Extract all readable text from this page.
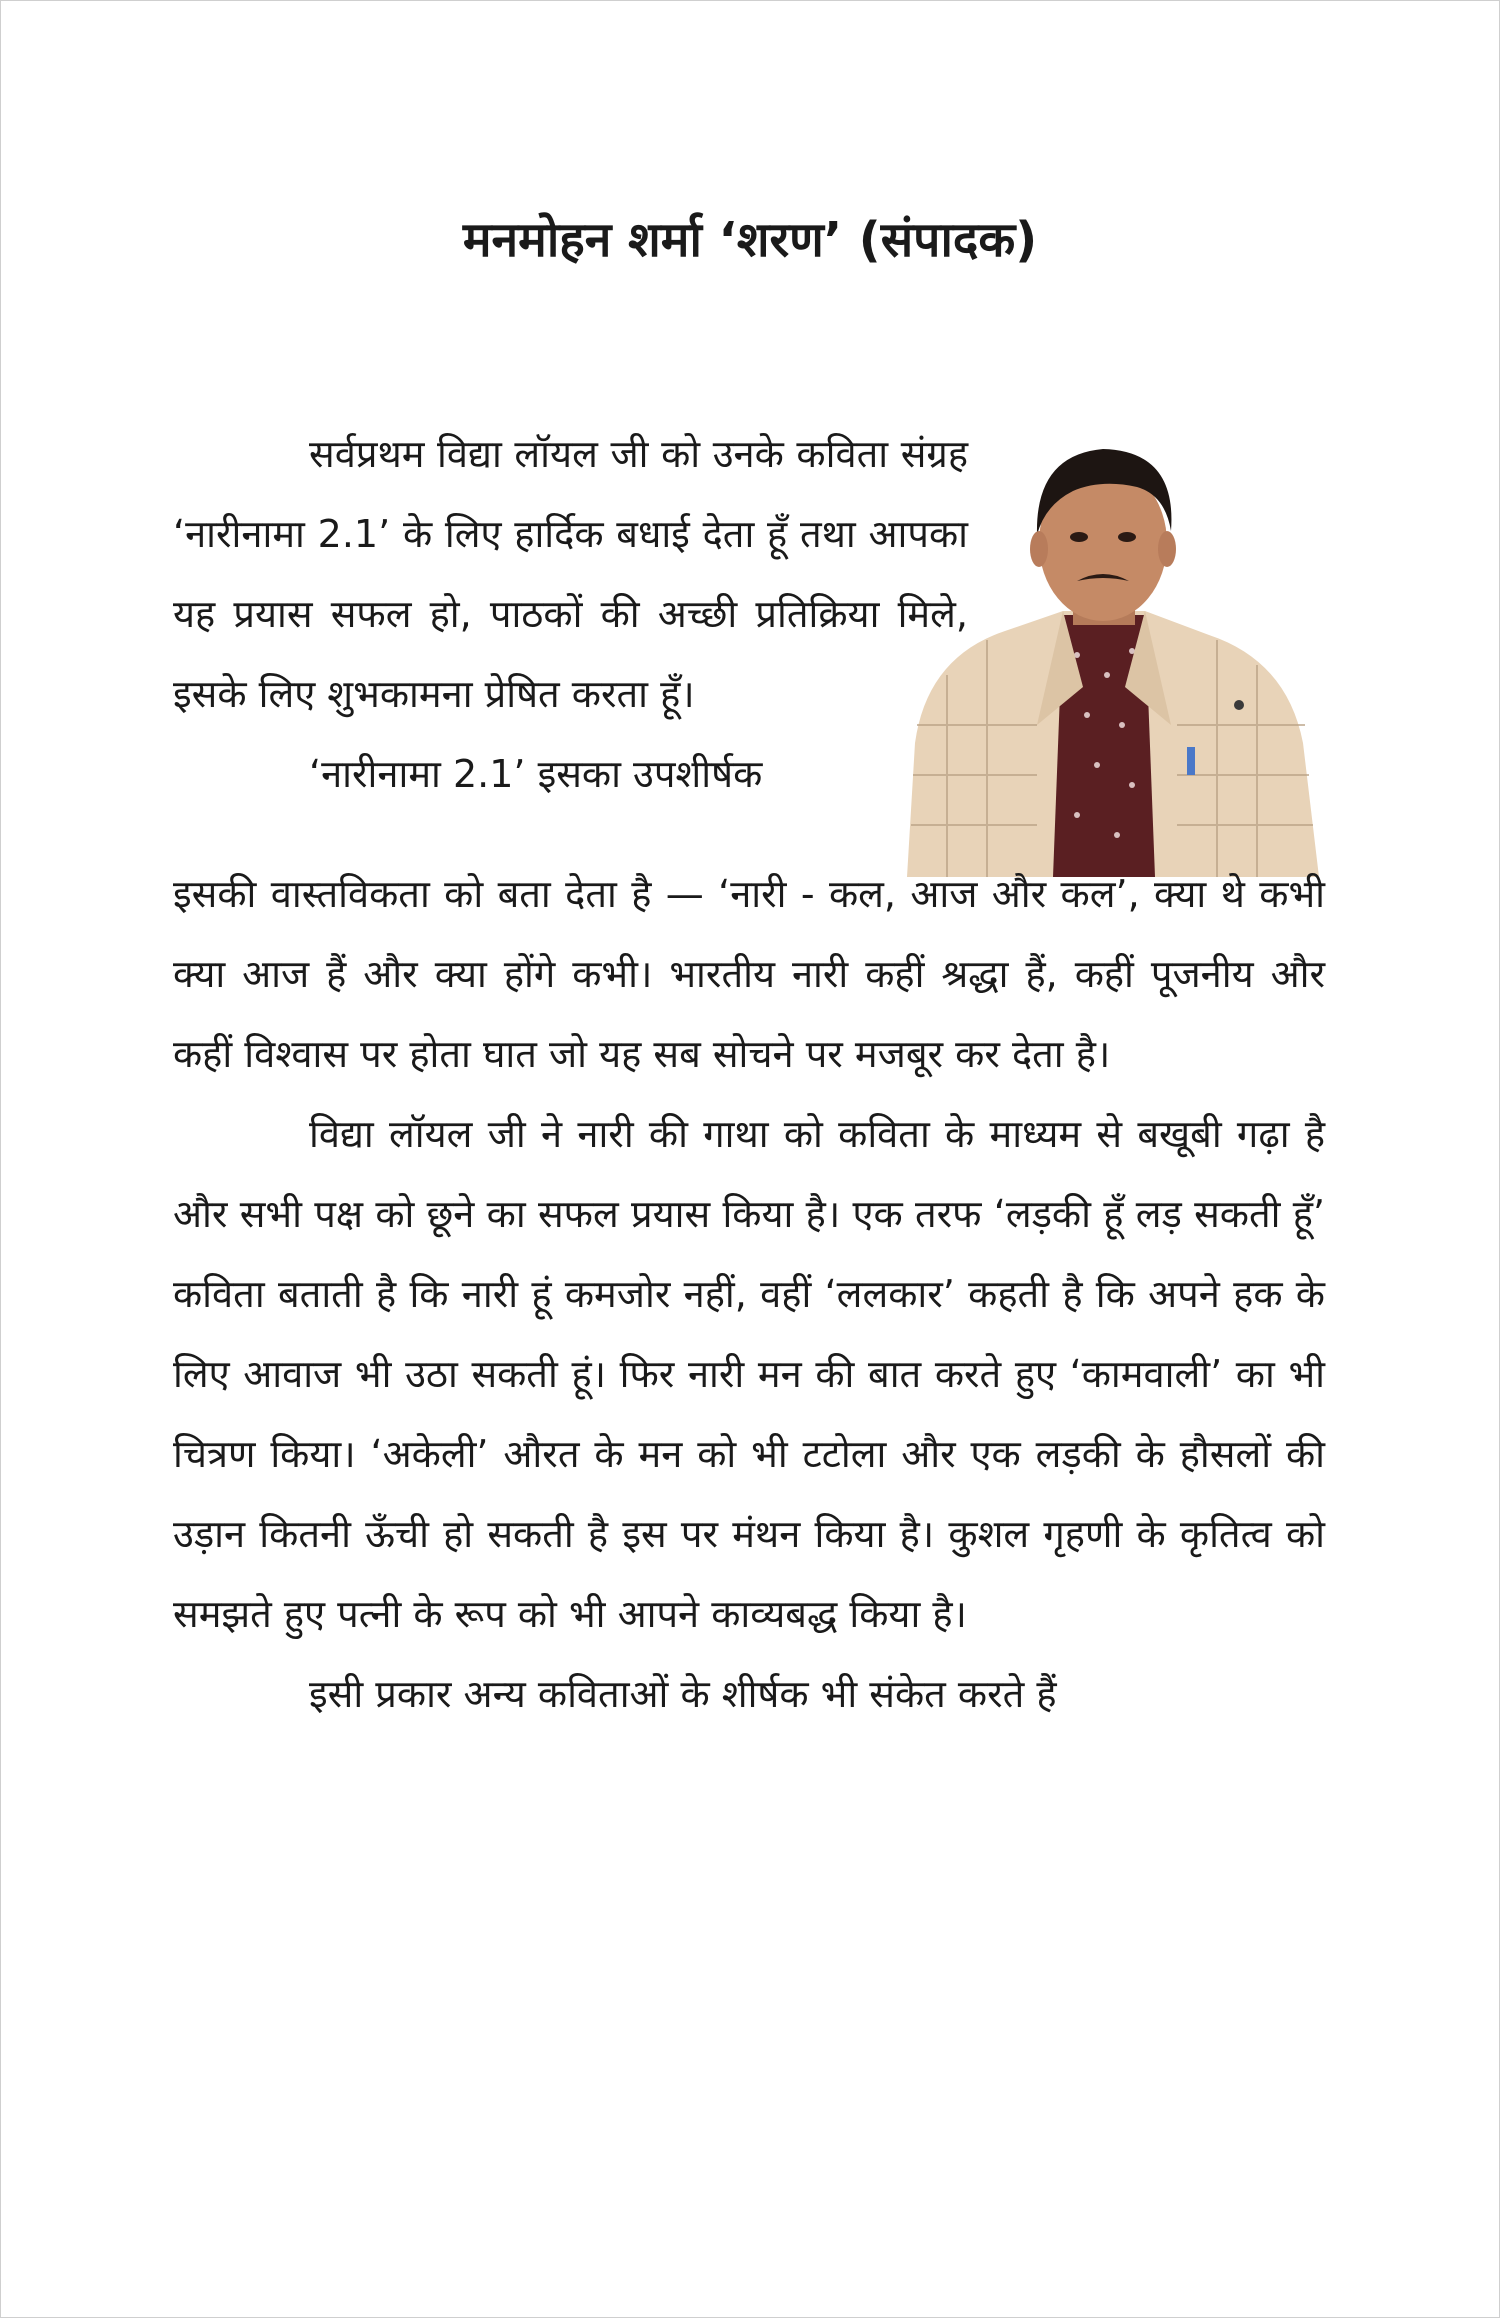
मनमोहन शर्मा ‘शरण’ (संपादक)

सर्वप्रथम विद्या लॉयल जी को उनके कविता संग्रह ‘नारीनामा 2.1’ के लिए हार्दिक बधाई देता हूँ तथा आपका यह प्रयास सफल हो, पाठकों की अच्छी प्रतिक्रिया मिले, इसके लिए शुभकामना प्रेषित करता हूँ।

‘नारीनामा 2.1’ इसका उपशीर्षक

इसकी वास्तविकता को बता देता है — ‘नारी - कल, आज और कल’, क्या थे कभी क्या आज हैं और क्या होंगे कभी। भारतीय नारी कहीं श्रद्धा हैं, कहीं पूजनीय और कहीं विश्वास पर होता घात जो यह सब सोचने पर मजबूर कर देता है।

विद्या लॉयल जी ने नारी की गाथा को कविता के माध्यम से बखूबी गढ़ा है और सभी पक्ष को छूने का सफल प्रयास किया है। एक तरफ ‘लड़की हूँ लड़ सकती हूँ’ कविता बताती है कि नारी हूं कमजोर नहीं, वहीं ‘ललकार’ कहती है कि अपने हक के लिए आवाज भी उठा सकती हूं। फिर नारी मन की बात करते हुए ‘कामवाली’ का भी चित्रण किया। ‘अकेली’ औरत के मन को भी टटोला और एक लड़की के हौसलों की उड़ान कितनी ऊँची हो सकती है इस पर मंथन किया है। कुशल गृहणी के कृतित्व को समझते हुए पत्नी के रूप को भी आपने काव्यबद्ध किया है।

इसी प्रकार अन्य कविताओं के शीर्षक भी संकेत करते हैं
